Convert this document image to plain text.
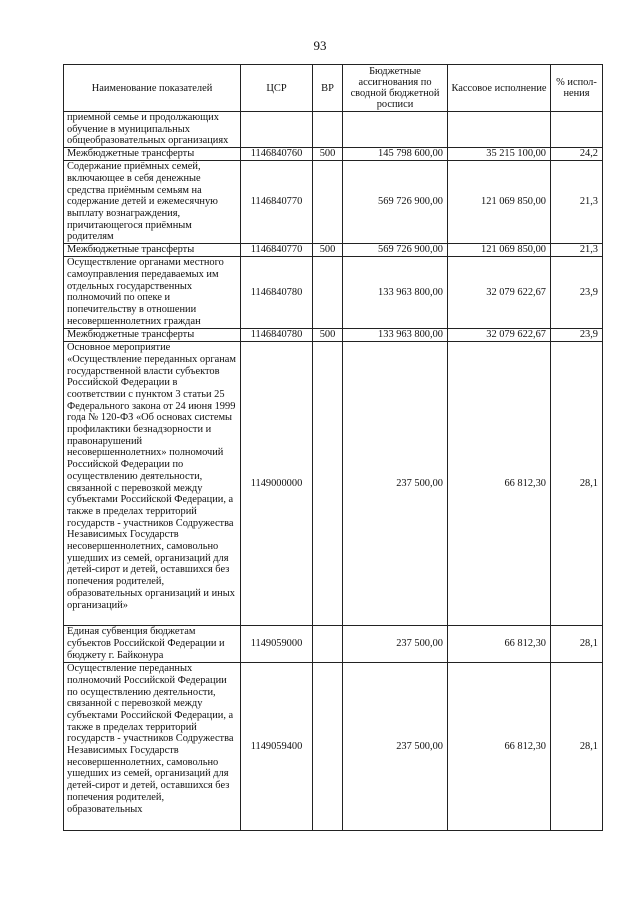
93
Наименование показателей	ЦСР	ВР	Бюджетные ассигнования по сводной бюджетной росписи	Кассовое исполнение	% испол-нения
приемной семье и продолжающих обучение в муниципальных общеобразовательных организациях					
Межбюджетные трансферты	1146840760	500	145 798 600,00	35 215 100,00	24,2
Содержание приёмных семей, включающее в себя денежные средства приёмным семьям на содержание детей и ежемесячную выплату вознаграждения, причитающегося приёмным родителям	1146840770		569 726 900,00	121 069 850,00	21,3
Межбюджетные трансферты	1146840770	500	569 726 900,00	121 069 850,00	21,3
Осуществление органами местного самоуправления передаваемых им отдельных государственных полномочий по опеке и попечительству в отношении несовершеннолетних граждан	1146840780		133 963 800,00	32 079 622,67	23,9
Межбюджетные трансферты	1146840780	500	133 963 800,00	32 079 622,67	23,9
Основное мероприятие «Осуществление переданных органам государственной власти субъектов Российской Федерации в соответствии с пунктом 3 статьи 25 Федерального закона от 24 июня 1999 года № 120-ФЗ «Об основах системы профилактики безнадзорности и правонарушений несовершеннолетних» полномочий Российской Федерации по осуществлению деятельности, связанной с перевозкой между субъектами Российской Федерации, а также в пределах территорий государств - участников Содружества Независимых Государств несовершеннолетних, самовольно ушедших из семей, организаций для детей-сирот и детей, оставшихся без попечения родителей, образовательных организаций и иных организаций»	1149000000		237 500,00	66 812,30	28,1
Единая субвенция бюджетам субъектов Российской Федерации и бюджету г. Байконура	1149059000		237 500,00	66 812,30	28,1
Осуществление переданных полномочий Российской Федерации по осуществлению деятельности, связанной с перевозкой между субъектами Российской Федерации, а также в пределах территорий государств - участников Содружества Независимых Государств несовершеннолетних, самовольно ушедших из семей, организаций для детей-сирот и детей, оставшихся без попечения родителей, образовательных	1149059400		237 500,00	66 812,30	28,1
